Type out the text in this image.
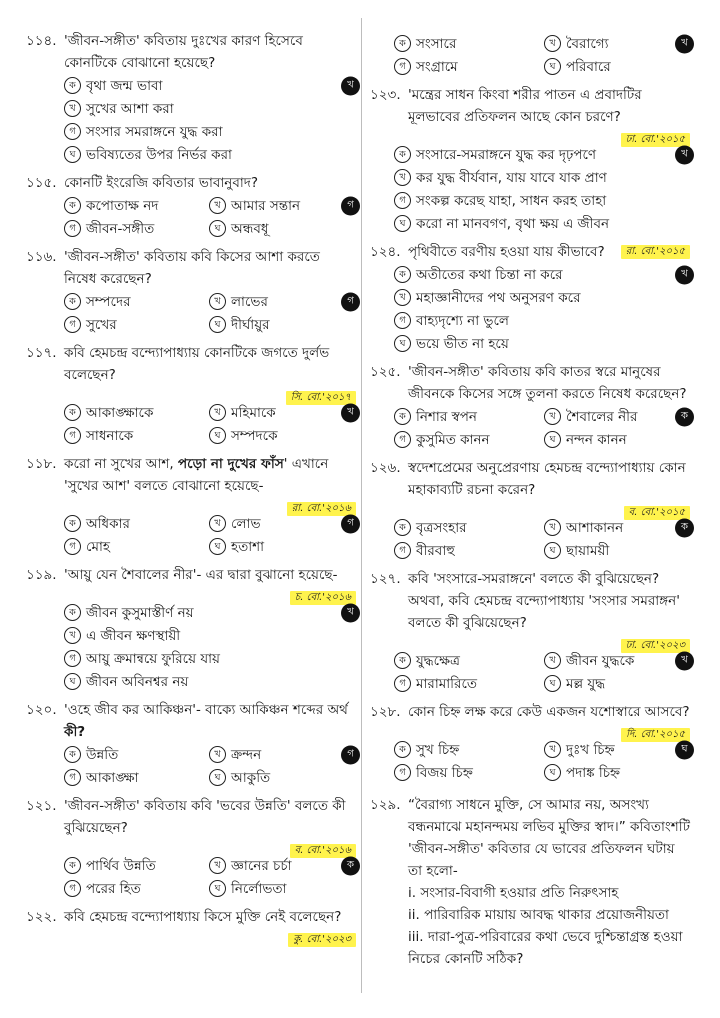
১১৪. 'জীবন-সঙ্গীত' কবিতায় দুঃখের কারণ হিসেবে
কোনটিকে বোঝানো হয়েছে?
ক বৃথা জন্ম ভাবা	খ
খ সুখের আশা করা
গ সংসার সমরাঙ্গনে যুদ্ধ করা
ঘ ভবিষ্যতের উপর নির্ভর করা
১১৫. কোনটি ইংরেজি কবিতার ভাবানুবাদ?
ক কপোতাক্ষ নদ	খ আমার সন্তান	গ
গ জীবন-সঙ্গীত	ঘ অন্ধবধূ
১১৬. 'জীবন-সঙ্গীত' কবিতায় কবি কিসের আশা করতে
নিষেধ করেছেন?
ক সম্পদের	খ লাভের	গ
গ সুখের	ঘ দীর্ঘায়ুর
১১৭. কবি হেমচন্দ্র বন্দ্যোপাধ্যায় কোনটিকে জগতে দুর্লভ
বলেছেন?
সি. বো.'২০১৭
ক আকাঙ্ক্ষাকে	খ মহিমাকে	খ
গ সাধনাকে	ঘ সম্পদকে
১১৮. করো না সুখের আশ, পড়ো না দুখের ফাঁস' এখানে
'সুখের আশ' বলতে বোঝানো হয়েছে-
রা. বো.'২০১৬
ক অধিকার	খ লোভ	গ
গ মোহ	ঘ হতাশা
১১৯. 'আয়ু যেন শৈবালের নীর'- এর দ্বারা বুঝানো হয়েছে-
চ. বো.'২০১৬
ক জীবন কুসুমাস্তীর্ণ নয়	খ
খ এ জীবন ক্ষণস্থায়ী
গ আয়ু ক্রমান্বয়ে ফুরিয়ে যায়
ঘ জীবন অবিনশ্বর নয়
১২০. 'ওহে জীব কর আকিঞ্চন'- বাক্যে আকিঞ্চন শব্দের অর্থ
কী?
ক উন্নতি	খ ক্রন্দন	গ
গ আকাঙ্ক্ষা	ঘ আকুতি
১২১. 'জীবন-সঙ্গীত' কবিতায় কবি 'ভবের উন্নতি' বলতে কী
বুঝিয়েছেন?
ব. বো.'২০১৬
ক পার্থিব উন্নতি	খ জ্ঞানের চর্চা	ক
গ পরের হিত	ঘ নির্লোভতা
১২২. কবি হেমচন্দ্র বন্দ্যোপাধ্যায় কিসে মুক্তি নেই বলেছেন?
কু. বো.'২০২৩
ক সংসারে	খ বৈরাগ্যে	খ
গ সংগ্রামে	ঘ পরিবারে
১২৩. 'মন্ত্রের সাধন কিংবা শরীর পাতন এ প্রবাদটির
মূলভাবের প্রতিফলন আছে কোন চরণে?
ঢা. বো.'২০১৫
ক সংসারে-সমরাঙ্গনে যুদ্ধ কর দৃঢ়পণে	খ
খ কর যুদ্ধ বীর্যবান, যায় যাবে যাক প্রাণ
গ সংকল্প করেছ যাহা, সাধন করহ তাহা
ঘ করো না মানবগণ, বৃথা ক্ষয় এ জীবন
১২৪. পৃথিবীতে বরণীয় হওয়া যায় কীভাবে?	রা. বো.'২০১৫
ক অতীতের কথা চিন্তা না করে	খ
খ মহাজ্ঞানীদের পথ অনুসরণ করে
গ বাহ্যদৃশ্যে না ভুলে
ঘ ভয়ে ভীত না হয়ে
১২৫. 'জীবন-সঙ্গীত' কবিতায় কবি কাতর স্বরে মানুষের
জীবনকে কিসের সঙ্গে তুলনা করতে নিষেধ করেছেন?
ক নিশার স্বপন	খ শৈবালের নীর	ক
গ কুসুমিত কানন	ঘ নন্দন কানন
১২৬. স্বদেশপ্রেমের অনুপ্রেরণায় হেমচন্দ্র বন্দ্যোপাধ্যায় কোন
মহাকাব্যটি রচনা করেন?
ব. বো.'২০১৫
ক বৃত্রসংহার	খ আশাকানন	ক
গ বীরবাহু	ঘ ছায়াময়ী
১২৭. কবি 'সংসারে-সমরাঙ্গনে' বলতে কী বুঝিয়েছেন?
অথবা, কবি হেমচন্দ্র বন্দ্যোপাধ্যায় 'সংসার সমরাঙ্গন'
বলতে কী বুঝিয়েছেন?
ঢা. বো.'২০২৩
ক যুদ্ধক্ষেত্র	খ জীবন যুদ্ধকে	খ
গ মারামারিতে	ঘ মল্ল যুদ্ধ
১২৮. কোন চিহ্ন লক্ষ করে কেউ একজন যশোস্বারে আসবে?
দি. বো.'২০১৫
ক সুখ চিহ্ন	খ দুঃখ চিহ্ন	ঘ
গ বিজয় চিহ্ন	ঘ পদাঙ্ক চিহ্ন
১২৯. “বৈরাগ্য সাধনে মুক্তি, সে আমার নয়, অসংখ্য
বন্ধনমাঝে মহানন্দময় লভিব মুক্তির স্বাদ।” কবিতাংশটি
'জীবন-সঙ্গীত' কবিতার যে ভাবের প্রতিফলন ঘটায়
তা হলো-
i. সংসার-বিবাগী হওয়ার প্রতি নিরুৎসাহ
ii. পারিবারিক মায়ায় আবদ্ধ থাকার প্রয়োজনীয়তা
iii. দারা-পুত্র-পরিবারের কথা ভেবে দুশ্চিন্তাগ্রস্ত হওয়া
নিচের কোনটি সঠিক?
